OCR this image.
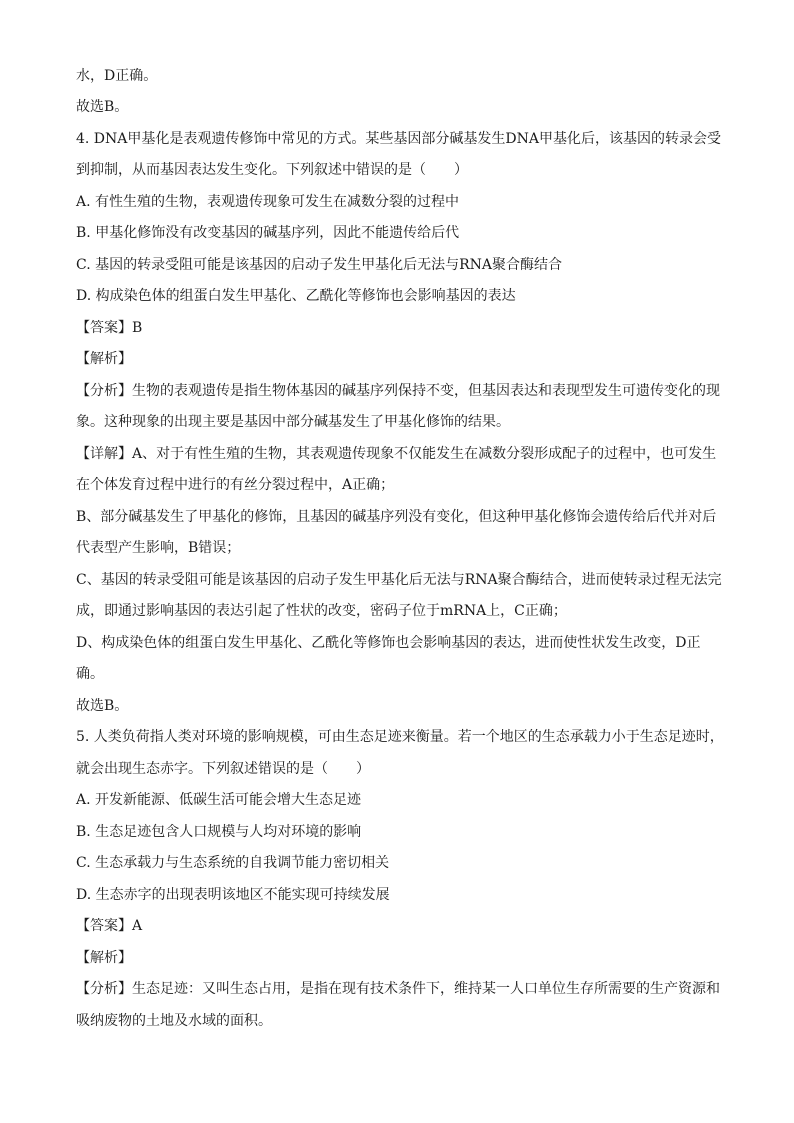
水，D正确。
故选B。
4. DNA甲基化是表观遗传修饰中常见的方式。某些基因部分碱基发生DNA甲基化后，该基因的转录会受
到抑制，从而基因表达发生变化。下列叙述中错误的是（　　）
A. 有性生殖的生物，表观遗传现象可发生在减数分裂的过程中
B. 甲基化修饰没有改变基因的碱基序列，因此不能遗传给后代
C. 基因的转录受阻可能是该基因的启动子发生甲基化后无法与RNA聚合酶结合
D. 构成染色体的组蛋白发生甲基化、乙酰化等修饰也会影响基因的表达
【答案】B
【解析】
【分析】生物的表观遗传是指生物体基因的碱基序列保持不变，但基因表达和表现型发生可遗传变化的现
象。这种现象的出现主要是基因中部分碱基发生了甲基化修饰的结果。
【详解】A、对于有性生殖的生物，其表观遗传现象不仅能发生在减数分裂形成配子的过程中，也可发生
在个体发育过程中进行的有丝分裂过程中，A正确；
B、部分碱基发生了甲基化的修饰，且基因的碱基序列没有变化，但这种甲基化修饰会遗传给后代并对后
代表型产生影响，B错误；
C、基因的转录受阻可能是该基因的启动子发生甲基化后无法与RNA聚合酶结合，进而使转录过程无法完
成，即通过影响基因的表达引起了性状的改变，密码子位于mRNA上，C正确；
D、构成染色体的组蛋白发生甲基化、乙酰化等修饰也会影响基因的表达，进而使性状发生改变，D正
确。
故选B。
5. 人类负荷指人类对环境的影响规模，可由生态足迹来衡量。若一个地区的生态承载力小于生态足迹时，
就会出现生态赤字。下列叙述错误的是（　　）
A. 开发新能源、低碳生活可能会增大生态足迹
B. 生态足迹包含人口规模与人均对环境的影响
C. 生态承载力与生态系统的自我调节能力密切相关
D. 生态赤字的出现表明该地区不能实现可持续发展
【答案】A
【解析】
【分析】生态足迹：又叫生态占用，是指在现有技术条件下，维持某一人口单位生存所需要的生产资源和
吸纳废物的土地及水域的面积。
